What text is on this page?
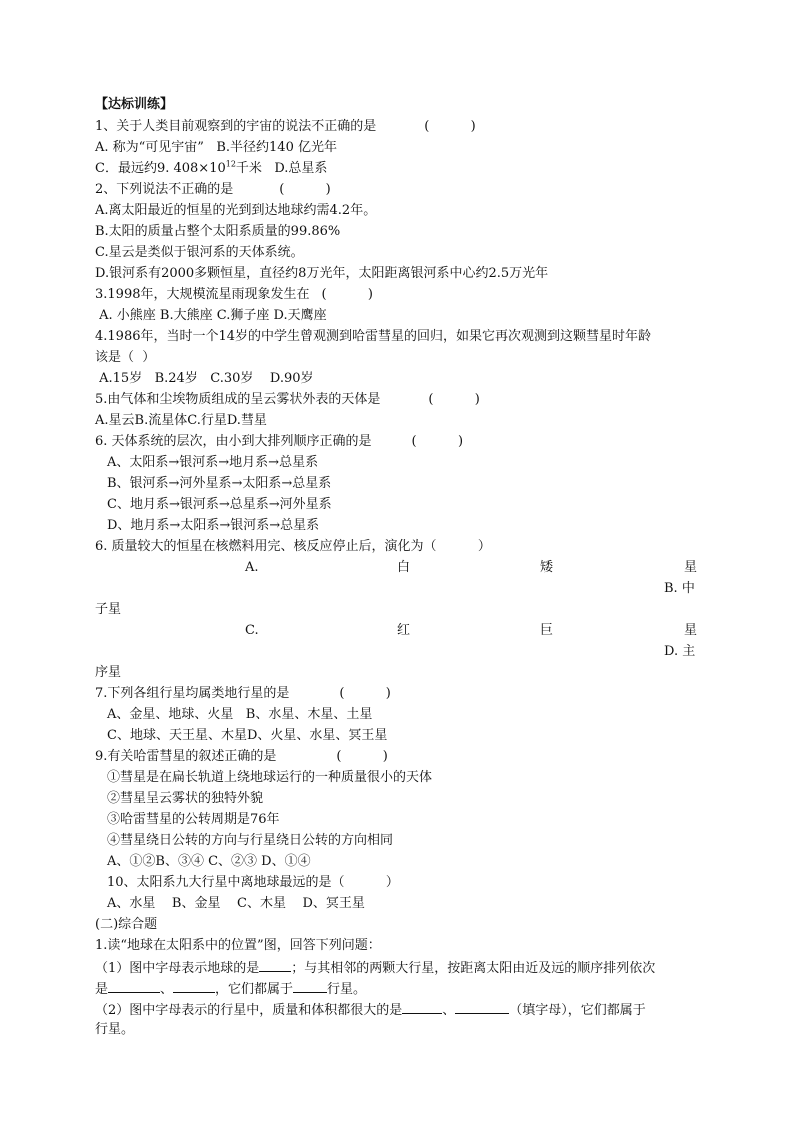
【达标训练】
1、关于人类目前观察到的宇宙的说法不正确的是	(          )
A. 称为“可见宇宙”   B.半径约140 亿光年
C．最远约9. $408\times 10^{12}$千米   D.总星系
2、下列说法不正确的是	(          )
A.离太阳最近的恒星的光到到达地球约需4.2年。
B.太阳的质量占整个太阳系质量的99.86%
C.星云是类似于银河系的天体系统。
D.银河系有2000多颗恒星，直径约8万光年，太阳距离银河系中心约2.5万光年
3.1998年，大规模流星雨现象发生在 (          )
A. 小熊座 B.大熊座 C.狮子座 D.天鹰座
4.1986年，当时一个14岁的中学生曾观测到哈雷彗星的回归，如果它再次观测到这颗彗星时年龄
该是（  ）
A.15岁   B.24岁   C.30岁    D.90岁
5.由气体和尘埃物质组成的呈云雾状外表的天体是	(          )
A.星云B.流星体C.行星D.彗星
6. 天体系统的层次，由小到大排列顺序正确的是	(          )
A、太阳系→银河系→地月系→总星系
B、银河系→河外星系→太阳系→总星系
C、地月系→银河系→总星系→河外星系
D、地月系→太阳系→银河系→总星系
6. 质量较大的恒星在核燃料用完、核反应停止后，演化为（          ）
A.	白	矮	星
B. 中
子星
C.	红	巨	星
D. 主
序星
7.下列各组行星均属类地行星的是	(          )
A、金星、地球、火星   B、水星、木星、土星
C、地球、天王星、木星D、火星、水星、冥王星
9.有关哈雷彗星的叙述正确的是	(          )
①彗星是在扁长轨道上绕地球运行的一种质量很小的天体
②彗星呈云雾状的独特外貌
③哈雷彗星的公转周期是76年
④彗星绕日公转的方向与行星绕日公转的方向相同
A、①②B、③④ C、②③ D、①④
10、太阳系九大行星中离地球最远的是（          ）
A、水星    B、金星    C、木星    D、冥王星
(二)综合题
1.读“地球在太阳系中的位置”图，回答下列问题：
（1）图中字母表示地球的是 ；与其相邻的两颗大行星，按距离太阳由近及远的顺序排列依次
是	、	，它们都属于	行星。
（2）图中字母表示的行星中，质量和体积都很大的是	、	（填字母），它们都属于
行星。
